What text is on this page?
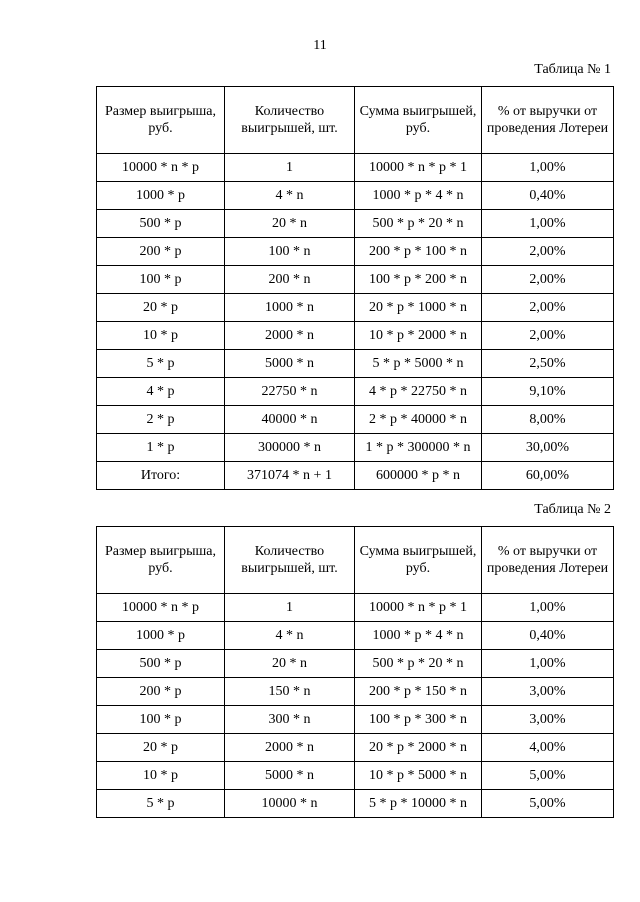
11
Таблица № 1
Размер выигрыша, руб.	Количество выигрышей, шт.	Сумма выигрышей, руб.	% от выручки от проведения Лотереи
10000 * n * p	1	10000 * n * p * 1	1,00%
1000 * p	4 * n	1000 * p * 4 * n	0,40%
500 * p	20 * n	500 * p * 20 * n	1,00%
200 * p	100 * n	200 * p * 100 * n	2,00%
100 * p	200 * n	100 * p * 200 * n	2,00%
20 * p	1000 * n	20 * p * 1000 * n	2,00%
10 * p	2000 * n	10 * p * 2000 * n	2,00%
5 * p	5000 * n	5 * p * 5000 * n	2,50%
4 * p	22750 * n	4 * p * 22750 * n	9,10%
2 * p	40000 * n	2 * p * 40000 * n	8,00%
1 * p	300000 * n	1 * p * 300000 * n	30,00%
Итого:	371074 * n + 1	600000 * p * n	60,00%
Таблица № 2
Размер выигрыша, руб.	Количество выигрышей, шт.	Сумма выигрышей, руб.	% от выручки от проведения Лотереи
10000 * n * p	1	10000 * n * p * 1	1,00%
1000 * p	4 * n	1000 * p * 4 * n	0,40%
500 * p	20 * n	500 * p * 20 * n	1,00%
200 * p	150 * n	200 * p * 150 * n	3,00%
100 * p	300 * n	100 * p * 300 * n	3,00%
20 * p	2000 * n	20 * p * 2000 * n	4,00%
10 * p	5000 * n	10 * p * 5000 * n	5,00%
5 * p	10000 * n	5 * p * 10000 * n	5,00%
